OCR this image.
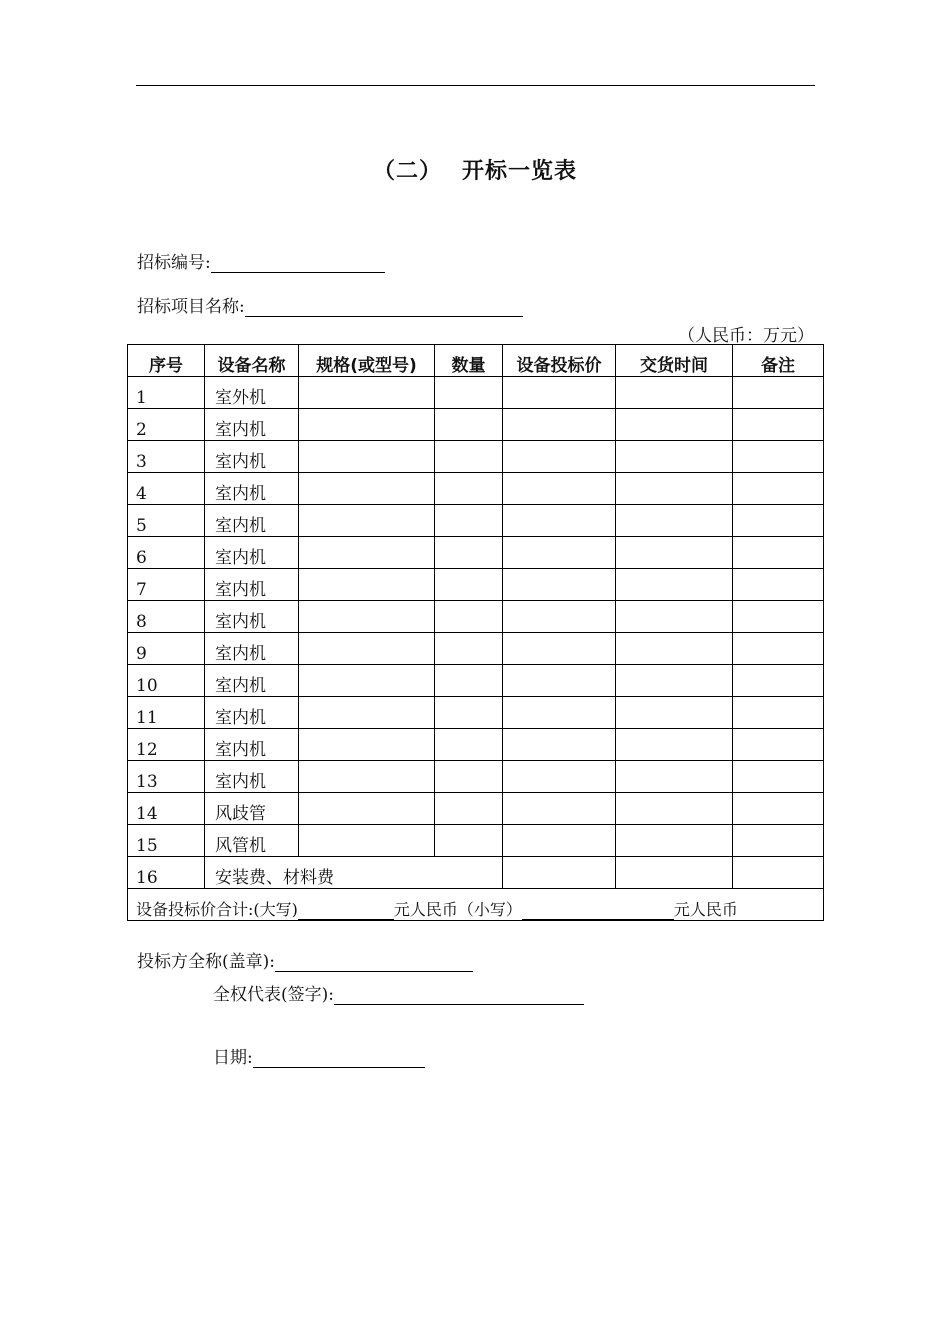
（二） 开标一览表
招标编号:
招标项目名称:
（人民币：万元）
序号	设备名称	规格(或型号)	数量	设备投标价	交货时间	备注
1	室外机					
2	室内机					
3	室内机					
4	室内机					
5	室内机					
6	室内机					
7	室内机					
8	室内机					
9	室内机					
10	室内机					
11	室内机					
12	室内机					
13	室内机					
14	风歧管					
15	风管机					
16	安装费、材料费					
设备投标价合计:(大写) 元人民币（小写） 元人民币						
投标方全称(盖章):
全权代表(签字):
日期:
